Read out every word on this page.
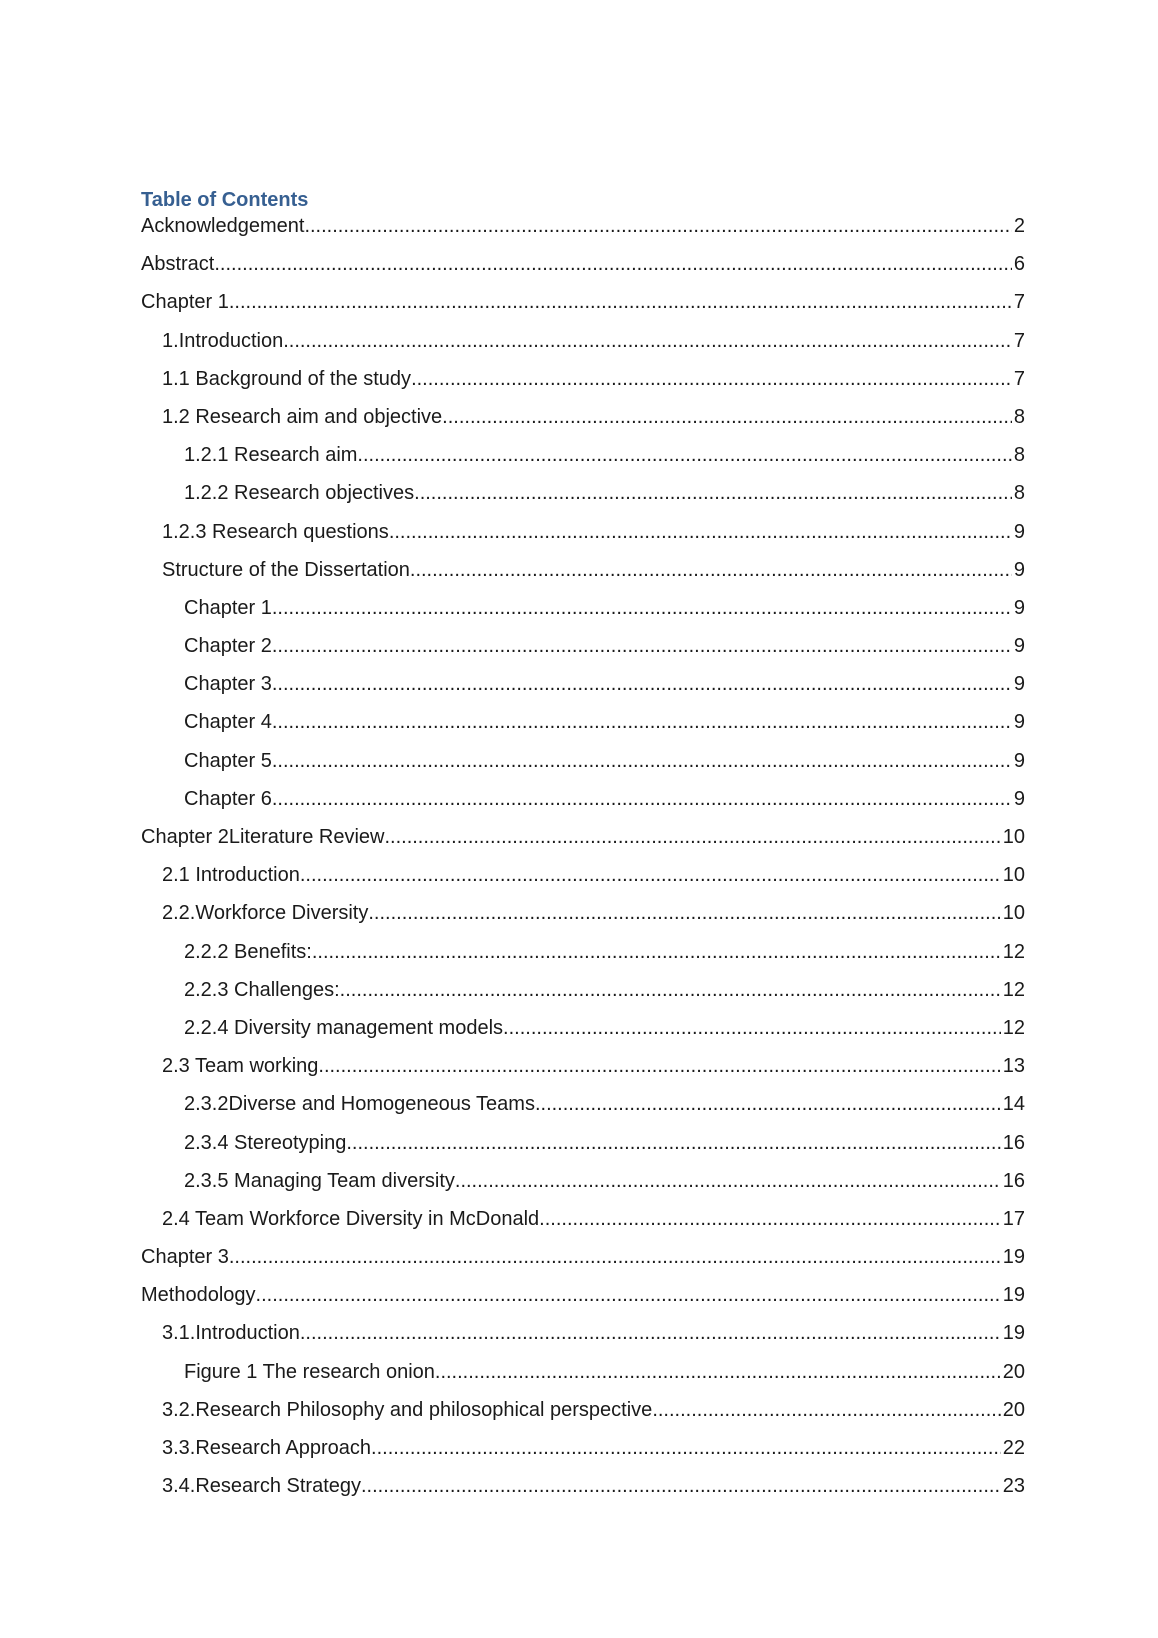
Table of Contents
Acknowledgement .....	2
Abstract .....	6
Chapter 1 .....	7
1. Introduction .....	7
1.1 Background of the study .....	7
1.2 Research aim and objective .....	8
1.2.1 Research aim .....	8
1.2.2 Research objectives .....	8
1.2.3 Research questions .....	9
Structure of the Dissertation .....	9
Chapter 1 .....	9
Chapter 2 .....	9
Chapter 3 .....	9
Chapter 4 .....	9
Chapter 5 .....	9
Chapter 6 .....	9
Chapter 2Literature Review .....	10
2.1 Introduction .....	10
2.2.Workforce Diversity .....	10
2.2.2 Benefits: .....	12
2.2.3 Challenges: .....	12
2.2.4 Diversity management models .....	12
2.3 Team working .....	13
2.3.2Diverse and Homogeneous Teams .....	14
2.3.4 Stereotyping .....	16
2.3.5 Managing Team diversity .....	16
2.4 Team Workforce Diversity in McDonald .....	17
Chapter 3 .....	19
Methodology .....	19
3.1. Introduction .....	19
Figure 1 The research onion .....	20
3.2. Research Philosophy and philosophical perspective .....	20
3.3. Research Approach .....	22
3.4. Research Strategy .....	23
